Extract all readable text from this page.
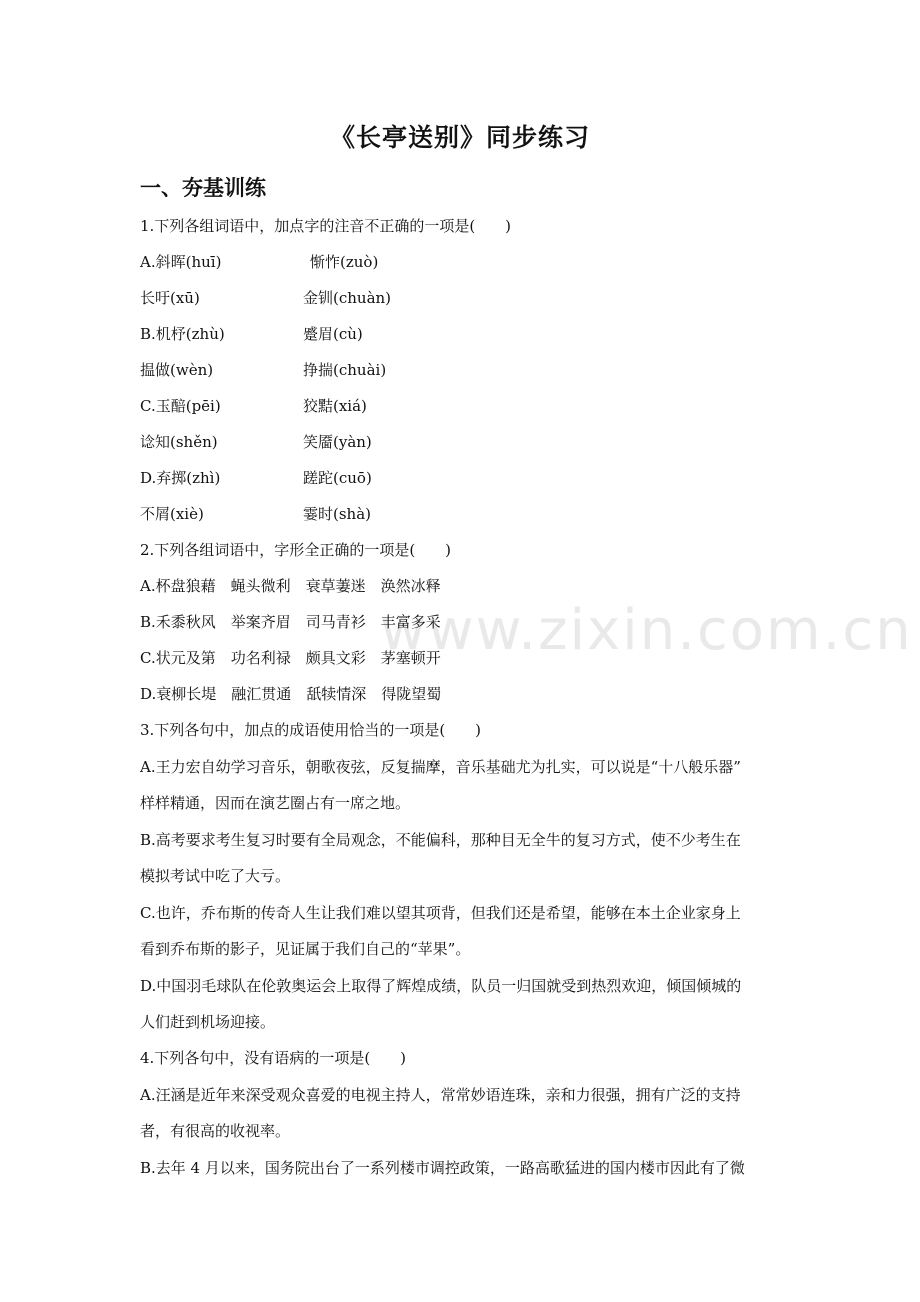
www.zixin.com.cn
《长亭送别》同步练习
一、夯基训练
1.下列各组词语中，加点字的注音不正确的一项是(　　)
A.斜晖(huī)	惭怍(zuò)
长吁(xū)	金钏(chuàn)
B.机杼(zhù)	蹙眉(cù)
揾做(wèn)	挣揣(chuài)
C.玉醅(pēi)	狡黠(xiá)
谂知(shěn)	笑靥(yàn)
D.弃掷(zhì)	蹉跎(cuō)
不屑(xiè)	霎时(shà)
2.下列各组词语中，字形全正确的一项是(　　)
A.杯盘狼藉　蝇头微利　衰草萋迷　涣然冰释
B.禾黍秋风　举案齐眉　司马青衫　丰富多采
C.状元及第　功名利禄　颇具文彩　茅塞顿开
D.衰柳长堤　融汇贯通　舐犊情深　得陇望蜀
3.下列各句中，加点的成语使用恰当的一项是(　　)
A.王力宏自幼学习音乐，朝歌夜弦，反复揣摩，音乐基础尤为扎实，可以说是“十八般乐器”
样样精通，因而在演艺圈占有一席之地。
B.高考要求考生复习时要有全局观念，不能偏科，那种目无全牛的复习方式，使不少考生在
模拟考试中吃了大亏。
C.也许，乔布斯的传奇人生让我们难以望其项背，但我们还是希望，能够在本土企业家身上
看到乔布斯的影子，见证属于我们自己的“苹果”。
D.中国羽毛球队在伦敦奥运会上取得了辉煌成绩，队员一归国就受到热烈欢迎，倾国倾城的
人们赶到机场迎接。
4.下列各句中，没有语病的一项是(　　)
A.汪涵是近年来深受观众喜爱的电视主持人，常常妙语连珠，亲和力很强，拥有广泛的支持
者，有很高的收视率。
B.去年 4 月以来，国务院出台了一系列楼市调控政策，一路高歌猛进的国内楼市因此有了微
